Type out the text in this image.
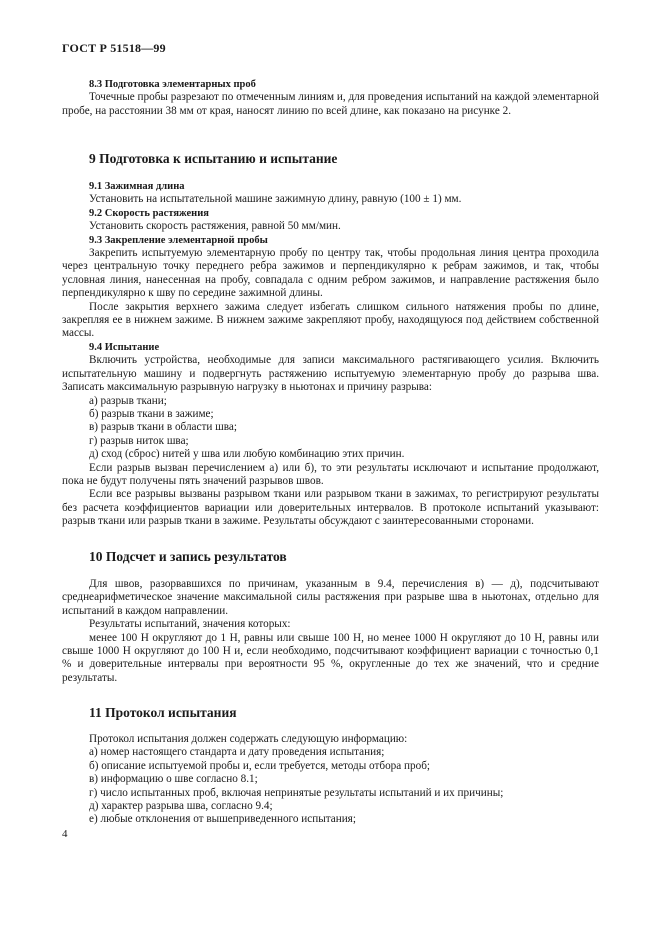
ГОСТ Р 51518—99

8.3 Подготовка элементарных проб

Точечные пробы разрезают по отмеченным линиям и, для проведения испытаний на каждой элементарной пробе, на расстоянии 38 мм от края, наносят линию по всей длине, как показано на рисунке 2.

9 Подготовка к испытанию и испытание

9.1 Зажимная длина

Установить на испытательной машине зажимную длину, равную (100 ± 1) мм.

9.2 Скорость растяжения

Установить скорость растяжения, равной 50 мм/мин.

9.3 Закрепление элементарной пробы

Закрепить испытуемую элементарную пробу по центру так, чтобы продольная линия центра проходила через центральную точку переднего ребра зажимов и перпендикулярно к ребрам зажимов, и так, чтобы условная линия, нанесенная на пробу, совпадала с одним ребром зажимов, и направление растяжения было перпендикулярно к шву по середине зажимной длины.

После закрытия верхнего зажима следует избегать слишком сильного натяжения пробы по длине, закрепляя ее в нижнем зажиме. В нижнем зажиме закрепляют пробу, находящуюся под действием собственной массы.

9.4 Испытание

Включить устройства, необходимые для записи максимального растягивающего усилия. Включить испытательную машину и подвергнуть растяжению испытуемую элементарную пробу до разрыва шва. Записать максимальную разрывную нагрузку в ньютонах и причину разрыва:

а) разрыв ткани;

б) разрыв ткани в зажиме;

в) разрыв ткани в области шва;

г) разрыв ниток шва;

д) сход (сброс) нитей у шва или любую комбинацию этих причин.

Если разрыв вызван перечислением а) или б), то эти результаты исключают и испытание продолжают, пока не будут получены пять значений разрывов швов.

Если все разрывы вызваны разрывом ткани или разрывом ткани в зажимах, то регистрируют результаты без расчета коэффициентов вариации или доверительных интервалов. В протоколе испытаний указывают: разрыв ткани или разрыв ткани в зажиме. Результаты обсуждают с заинтересованными сторонами.

10 Подсчет и запись результатов

Для швов, разорвавшихся по причинам, указанным в 9.4, перечисления в) — д), подсчитывают среднеарифметическое значение максимальной силы растяжения при разрыве шва в ньютонах, отдельно для испытаний в каждом направлении.

Результаты испытаний, значения которых:

менее 100 Н округляют до 1 Н, равны или свыше 100 Н, но менее 1000 Н округляют до 10 Н, равны или свыше 1000 Н округляют до 100 Н и, если необходимо, подсчитывают коэффициент вариации с точностью 0,1 % и доверительные интервалы при вероятности 95 %, округленные до тех же значений, что и средние результаты.

11 Протокол испытания

Протокол испытания должен содержать следующую информацию:

а) номер настоящего стандарта и дату проведения испытания;

б) описание испытуемой пробы и, если требуется, методы отбора проб;

в) информацию о шве согласно 8.1;

г) число испытанных проб, включая непринятые результаты испытаний и их причины;

д) характер разрыва шва, согласно 9.4;

е) любые отклонения от вышеприведенного испытания;

4
